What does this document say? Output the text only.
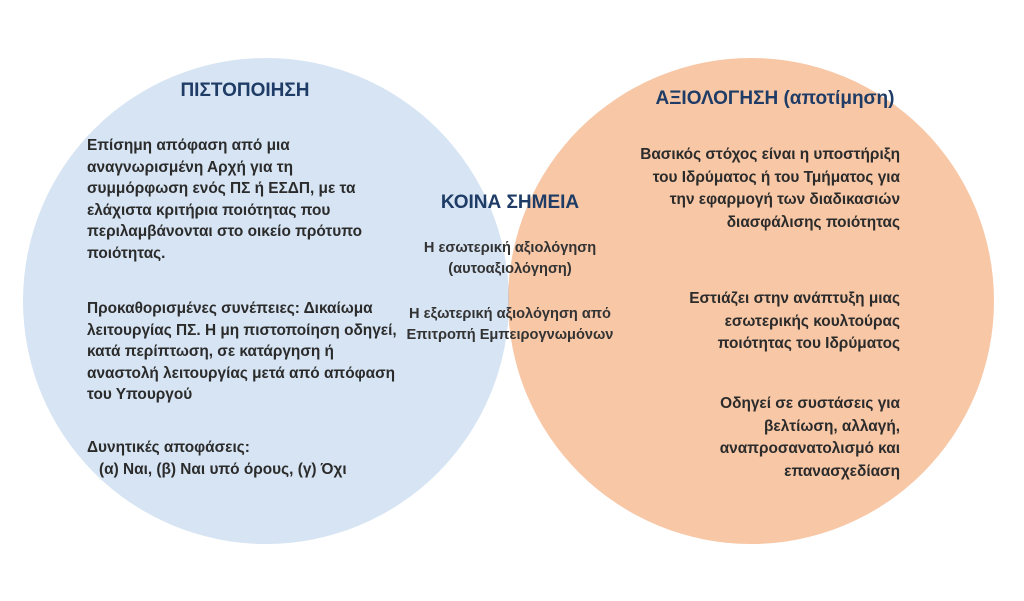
ΠΙΣΤΟΠΟΙΗΣΗ

Επίσημη απόφαση από μια αναγνωρισμένη Αρχή για τη συμμόρφωση ενός ΠΣ ή ΕΣΔΠ, με τα ελάχιστα κριτήρια ποιότητας που περιλαμβάνονται στο οικείο πρότυπο ποιότητας.

Προκαθορισμένες συνέπειες: Δικαίωμα λειτουργίας ΠΣ. Η μη πιστοποίηση οδηγεί, κατά περίπτωση, σε κατάργηση ή αναστολή λειτουργίας μετά από απόφαση του Υπουργού

Δυνητικές αποφάσεις:
(α) Ναι, (β) Ναι υπό όρους, (γ) Όχι
ΚΟΙΝΑ ΣΗΜΕΙΑ

Η εσωτερική αξιολόγηση (αυτοαξιολόγηση)

Η εξωτερική αξιολόγηση από Επιτροπή Εμπειρογνωμόνων

ΑΞΙΟΛΟΓΗΣΗ (αποτίμηση)

Βασικός στόχος είναι η υποστήριξη του Ιδρύματος ή του Τμήματος για την εφαρμογή των διαδικασιών διασφάλισης ποιότητας

Εστιάζει στην ανάπτυξη μιας εσωτερικής κουλτούρας ποιότητας του Ιδρύματος

Οδηγεί σε συστάσεις για βελτίωση, αλλαγή, αναπροσανατολισμό και επανασχεδίαση
